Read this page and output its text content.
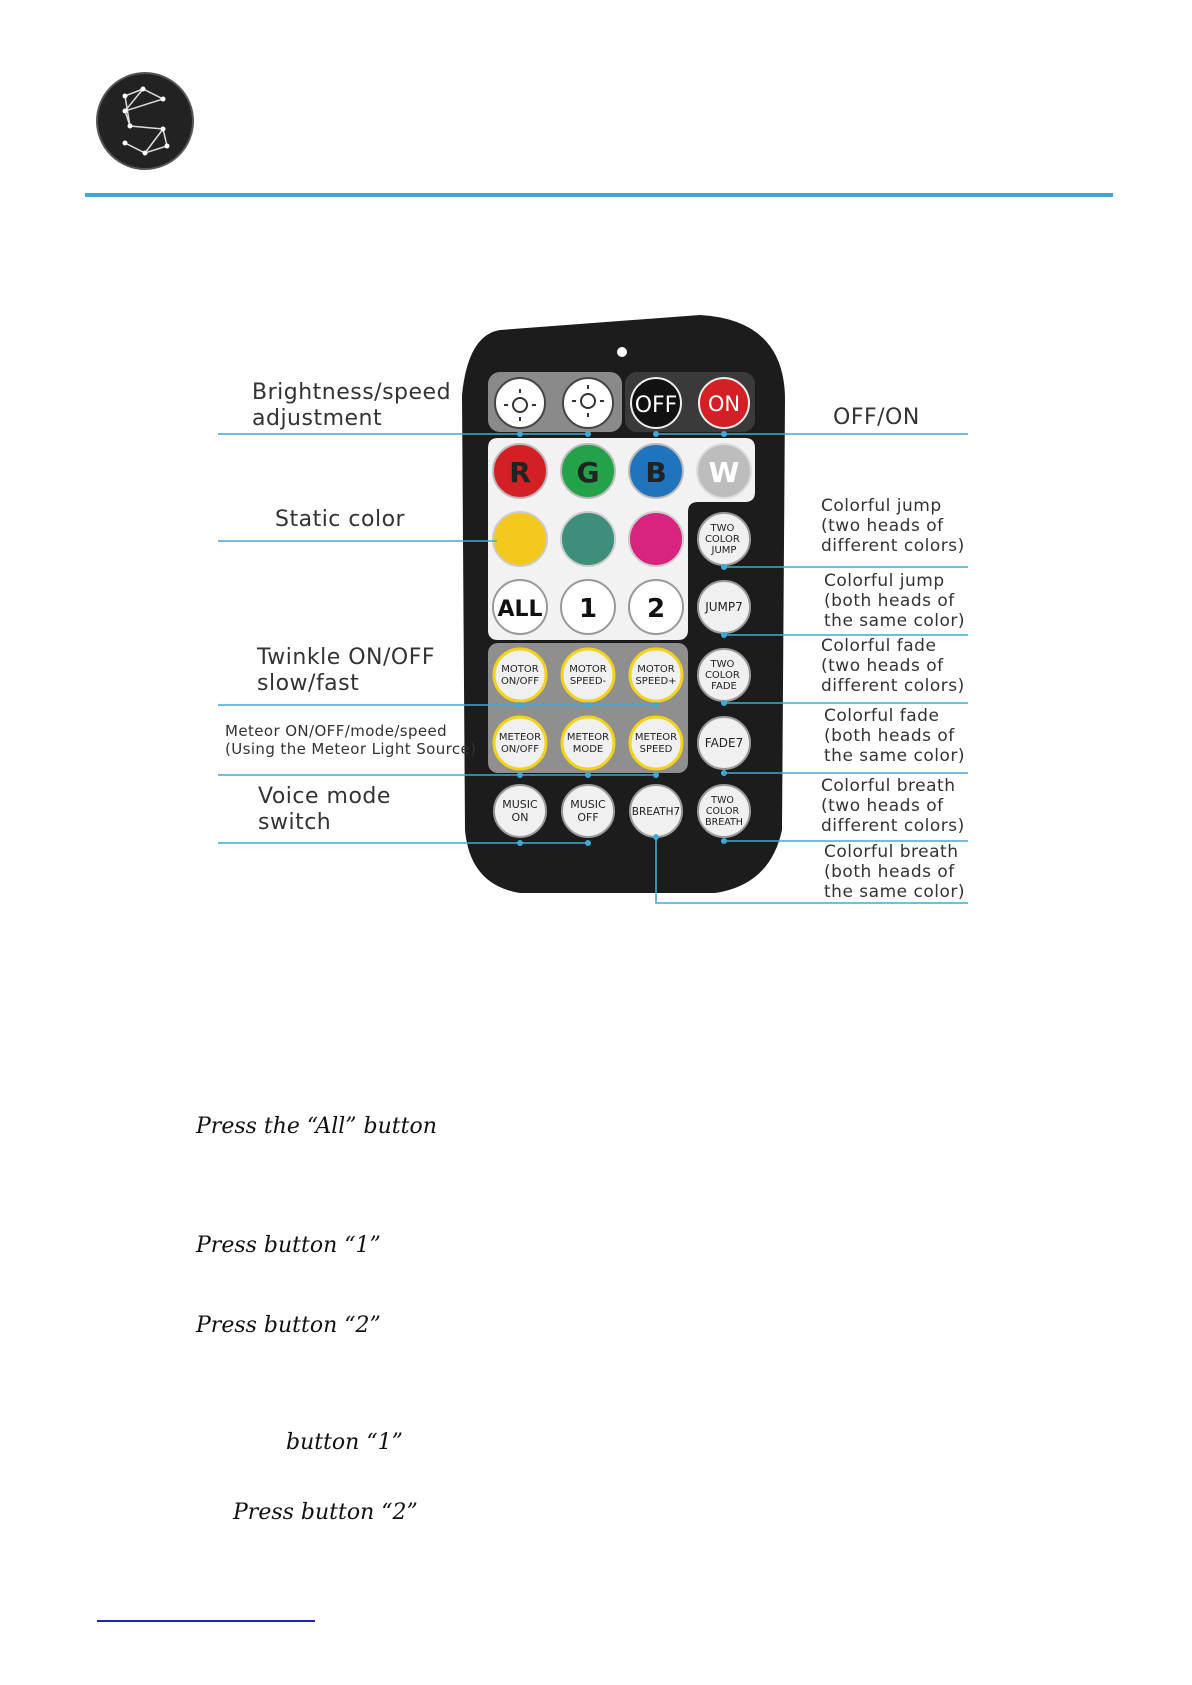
OFF ON
R G B W
ALL 1 2
TWO COLOR JUMP
JUMP7
TWO COLOR FADE
FADE7
TWO COLOR BREATH
MOTOR ON/OFF
MOTOR SPEED-
MOTOR SPEED+
METEOR ON/OFF
METEOR MODE
METEOR SPEED
MUSIC ON
MUSIC OFF	BREATH7
Brightness/speed
adjustment
Static color
Twinkle ON/OFF
slow/fast
Meteor ON/OFF/mode/speed
(Using the Meteor Light Source)
Voice mode
switch
OFF/ON
Colorful jump
(two heads of
different colors)
Colorful jump
(both heads of
the same color)
Colorful fade
(two heads of
different colors)
Colorful fade
(both heads of
the same color)
Colorful breath
(two heads of
different colors)
Colorful breath
(both heads of
the same color)
Press the “All” button
Press button “1”
Press button “2”
button “1”
Press button “2”
